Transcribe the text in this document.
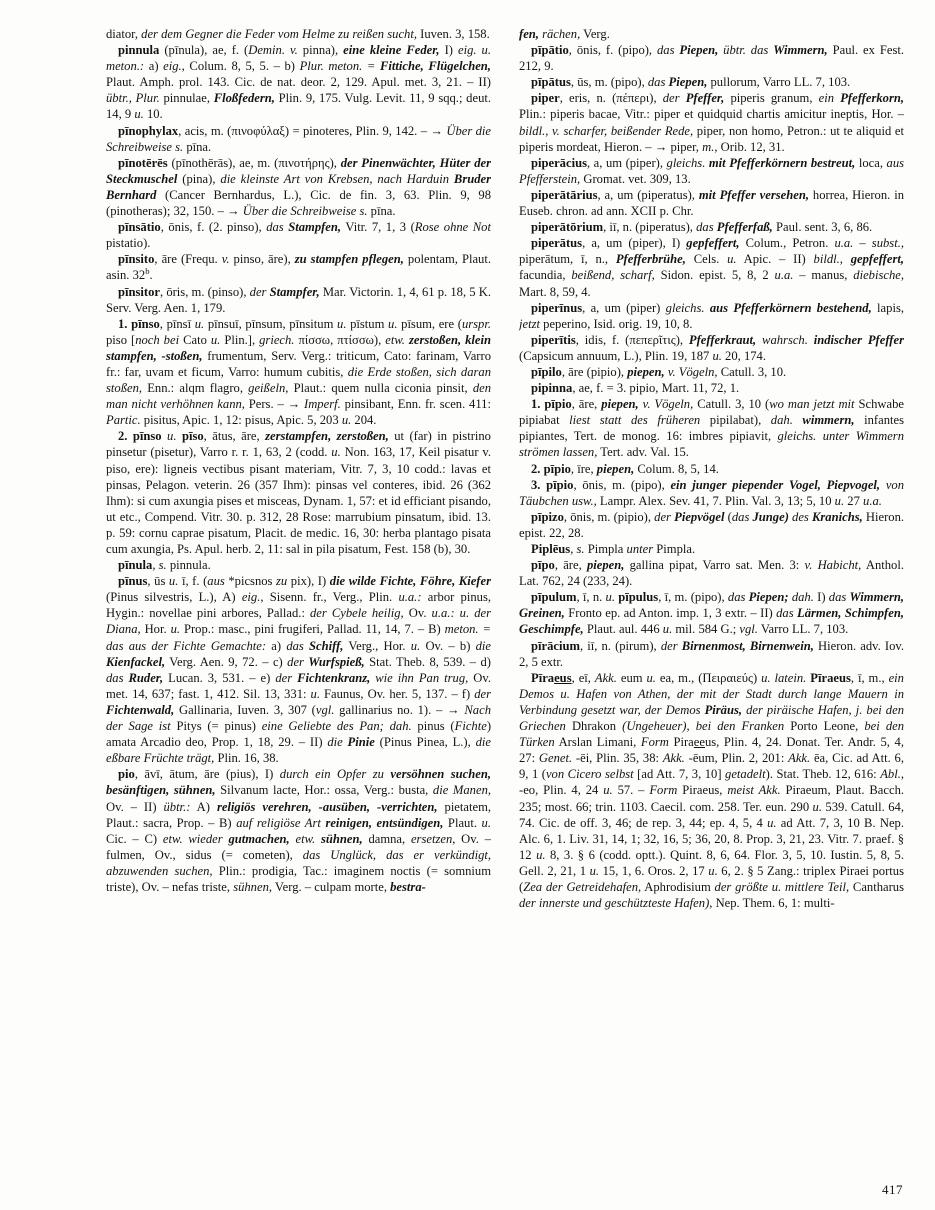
diator, der dem Gegner die Feder vom Helme zu reißen sucht, Iuven. 3, 158.

pinnula (pīnula), ae, f. (Demin. v. pinna), eine kleine Feder, I) eig. u. meton.: a) eig., Colum. 8, 5, 5. – b) Plur. meton. = Fittiche, Flügelchen, Plaut. Amph. prol. 143. Cic. de nat. deor. 2, 129. Apul. met. 3, 21. – II) übtr., Plur. pinnulae, Floßfedern, Plin. 9, 175. Vulg. Levit. 11, 9 sqq.; deut. 14, 9 u. 10.

pīnophylax, acis, m. (πινοφύλαξ) = pinoteres, Plin. 9, 142. – → Über die Schreibweise s. pīna.

pīnotērēs (pīnothērās), ae, m. (πινοτήρης), der Pinenwächter, Hüter der Steckmuschel (pina), die kleinste Art von Krebsen, nach Harduin Bruder Bernhard (Cancer Bernhardus, L.), Cic. de fin. 3, 63. Plin. 9, 98 (pinotheras); 32, 150. – → Über die Schreibweise s. pīna.

pīnsātio, ōnis, f. (2. pinso), das Stampfen, Vitr. 7, 1, 3 (Rose ohne Not pistatio).

pīnsito, āre (Frequ. v. pinso, āre), zu stampfen pflegen, polentam, Plaut. asin. 32$^b$.

pīnsitor, ōris, m. (pinso), der Stampfer, Mar. Victorin. 1, 4, 61 p. 18, 5 K. Serv. Verg. Aen. 1, 179.

1. pīnso, pīnsī u. pīnsuī, pīnsum, pīnsitum u. pīstum u. pīsum, ere (urspr. piso [noch bei Cato u. Plin.], griech. πίσσω, πτίσσω), etw. zerstoßen, klein stampfen, -stoßen, frumentum, Serv. Verg.: triticum, Cato: farinam, Varro fr.: far, uvam et ficum, Varro: humum cubitis, die Erde stoßen, sich daran stoßen, Enn.: alqm flagro, geißeln, Plaut.: quem nulla ciconia pinsit, den man nicht verhöhnen kann, Pers. – → Imperf. pinsibant, Enn. fr. scen. 411: Partic. pisitus, Apic. 1, 12: pisus, Apic. 5, 203 u. 204.

2. pīnso u. pīso, ātus, āre, zerstampfen, zerstoßen, ut (far) in pistrino pinsetur (pisetur), Varro r. r. 1, 63, 2 (codd. u. Non. 163, 17, Keil pisatur v. piso, ere): ligneis vectibus pisant materiam, Vitr. 7, 3, 10 codd.: lavas et pinsas, Pelagon. veterin. 26 (357 Ihm): pinsas vel conteres, ibid. 26 (362 Ihm): si cum axungia pises et misceas, Dynam. 1, 57: et id efficiant pisando, ut etc., Compend. Vitr. 30. p. 312, 28 Rose: marrubium pinsatum, ibid. 13. p. 59: cornu caprae pisatum, Placit. de medic. 16, 30: herba plantago pisata cum axungia, Ps. Apul. herb. 2, 11: sal in pila pisatum, Fest. 158 (b), 30.

pīnula, s. pinnula.

pīnus, ūs u. ī, f. (aus *picsnos zu pix), I) die wilde Fichte, Föhre, Kiefer (Pinus silvestris, L.), A) eig., Sisenn. fr., Verg., Plin. u.a.: arbor pinus, Hygin.: novellae pini arbores, Pallad.: der Cybele heilig, Ov. u.a.: u. der Diana, Hor. u. Prop.: masc., pini frugiferi, Pallad. 11, 14, 7. – B) meton. = das aus der Fichte Gemachte: a) das Schiff, Verg., Hor. u. Ov. – b) die Kienfackel, Verg. Aen. 9, 72. – c) der Wurfspieß, Stat. Theb. 8, 539. – d) das Ruder, Lucan. 3, 531. – e) der Fichtenkranz, wie ihn Pan trug, Ov. met. 14, 637; fast. 1, 412. Sil. 13, 331: u. Faunus, Ov. her. 5, 137. – f) der Fichtenwald, Gallinaria, Iuven. 3, 307 (vgl. gallinarius no. 1). – → Nach der Sage ist Pitys (= pinus) eine Geliebte des Pan; dah. pinus (Fichte) amata Arcadio deo, Prop. 1, 18, 29. – II) die Pinie (Pinus Pinea, L.), die eßbare Früchte trägt, Plin. 16, 38.

pio, āvī, ātum, āre (pius), I) durch ein Opfer zu versöhnen suchen, besänftigen, sühnen, Silvanum lacte, Hor.: ossa, Verg.: busta, die Manen, Ov. – II) übtr.: A) religiös verehren, -ausüben, -verrichten, pietatem, Plaut.: sacra, Prop. – B) auf religiöse Art reinigen, entsündigen, Plaut. u. Cic. – C) etw. wieder gutmachen, etw. sühnen, damna, ersetzen, Ov. – fulmen, Ov., sidus (= cometen), das Unglück, das er verkündigt, abzuwenden suchen, Plin.: prodigia, Tac.: imaginem noctis (= somnium triste), Ov. – nefas triste, sühnen, Verg. – culpam morte, bestra-

fen, rächen, Verg.

pīpātio, ōnis, f. (pipo), das Piepen, übtr. das Wimmern, Paul. ex Fest. 212, 9.

pīpātus, ūs, m. (pipo), das Piepen, pullorum, Varro LL. 7, 103.

piper, eris, n. (πέπερι), der Pfeffer, piperis granum, ein Pfefferkorn, Plin.: piperis bacae, Vitr.: piper et quidquid chartis amicitur ineptis, Hor. – bildl., v. scharfer, beißender Rede, piper, non homo, Petron.: ut te aliquid et piperis mordeat, Hieron. – → piper, m., Orib. 12, 31.

piperācius, a, um (piper), gleichs. mit Pfefferkörnern bestreut, loca, aus Pfefferstein, Gromat. vet. 309, 13.

piperātārius, a, um (piperatus), mit Pfeffer versehen, horrea, Hieron. in Euseb. chron. ad ann. XCII p. Chr.

piperātōrium, iī, n. (piperatus), das Pfefferfaß, Paul. sent. 3, 6, 86.

piperātus, a, um (piper), I) gepfeffert, Colum., Petron. u.a. – subst., piperātum, ī, n., Pfefferbrühe, Cels. u. Apic. – II) bildl., gepfeffert, facundia, beißend, scharf, Sidon. epist. 5, 8, 2 u.a. – manus, diebische, Mart. 8, 59, 4.

piperīnus, a, um (piper) gleichs. aus Pfefferkörnern bestehend, lapis, jetzt peperino, Isid. orig. 19, 10, 8.

piperītis, idis, f. (πεπερῖτις), Pfefferkraut, wahrsch. indischer Pfeffer (Capsicum annuum, L.), Plin. 19, 187 u. 20, 174.

pīpilo, āre (pipio), piepen, v. Vögeln, Catull. 3, 10.

pipinna, ae, f. = 3. pipio, Mart. 11, 72, 1.

1. pīpio, āre, piepen, v. Vögeln, Catull. 3, 10 (wo man jetzt mit Schwabe pipiabat liest statt des früheren pipilabat), dah. wimmern, infantes pipiantes, Tert. de monog. 16: imbres pipiavit, gleichs. unter Wimmern strömen lassen, Tert. adv. Val. 15.

2. pīpio, īre, piepen, Colum. 8, 5, 14.

3. pīpio, ōnis, m. (pipo), ein junger piepender Vogel, Piepvogel, von Täubchen usw., Lampr. Alex. Sev. 41, 7. Plin. Val. 3, 13; 5, 10 u. 27 u.a.

pīpizo, ōnis, m. (pipio), der Piepvögel (das Junge) des Kranichs, Hieron. epist. 22, 28.

Piplēus, s. Pimpla unter Pimpla.

pīpo, āre, piepen, gallina pipat, Varro sat. Men. 3: v. Habicht, Anthol. Lat. 762, 24 (233, 24).

pīpulum, ī, n. u. pīpulus, ī, m. (pipo), das Piepen; dah. I) das Wimmern, Greinen, Fronto ep. ad Anton. imp. 1, 3 extr. – II) das Lärmen, Schimpfen, Geschimpfe, Plaut. aul. 446 u. mil. 584 G.; vgl. Varro LL. 7, 103.

pīrācium, iī, n. (pirum), der Birnenmost, Birnenwein, Hieron. adv. Iov. 2, 5 extr.

Pīraeus, eī, Akk. eum u. ea, m., (Πειραιεύς) u. latein. Pīraeus, ī, m., ein Demos u. Hafen von Athen, der mit der Stadt durch lange Mauern in Verbindung gesetzt war, der Demos Piräus, der piräische Hafen, j. bei den Griechen Dhrakon (Ungeheuer), bei den Franken Porto Leone, bei den Türken Arslan Limani, Form Piraeeus, Plin. 4, 24. Donat. Ter. Andr. 5, 4, 27: Genet. -ēi, Plin. 35, 38: Akk. -ēum, Plin. 2, 201: Akk. ēa, Cic. ad Att. 6, 9, 1 (von Cicero selbst [ad Att. 7, 3, 10] getadelt). Stat. Theb. 12, 616: Abl., -eo, Plin. 4, 24 u. 57. – Form Piraeus, meist Akk. Piraeum, Plaut. Bacch. 235; most. 66; trin. 1103. Caecil. com. 258. Ter. eun. 290 u. 539. Catull. 64, 74. Cic. de off. 3, 46; de rep. 3, 44; ep. 4, 5, 4 u. ad Att. 7, 3, 10 B. Nep. Alc. 6, 1. Liv. 31, 14, 1; 32, 16, 5; 36, 20, 8. Prop. 3, 21, 23. Vitr. 7. praef. § 12 u. 8, 3. § 6 (codd. optt.). Quint. 8, 6, 64. Flor. 3, 5, 10. Iustin. 5, 8, 5. Gell. 2, 21, 1 u. 15, 1, 6. Oros. 2, 17 u. 6, 2. § 5 Zang.: triplex Piraei portus (Zea der Getreidehafen, Aphrodisium der größte u. mittlere Teil, Cantharus der innerste und geschützteste Hafen), Nep. Them. 6, 1: multi-

417
